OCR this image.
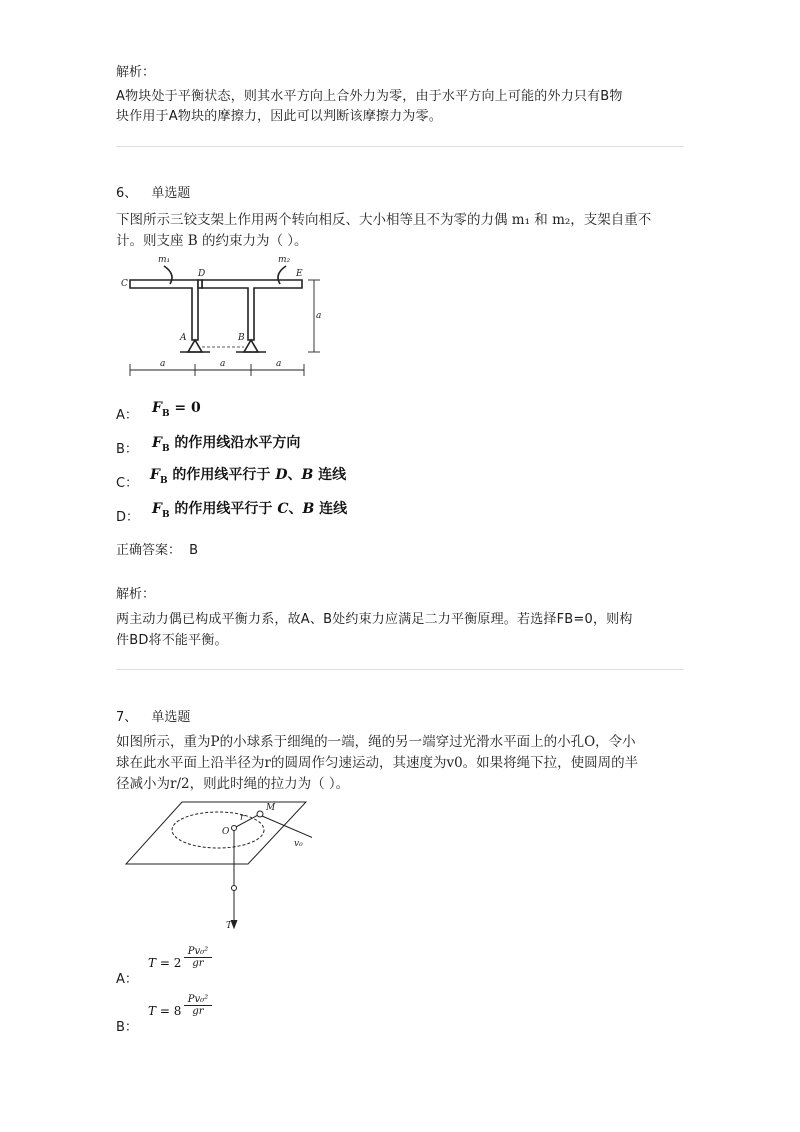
解析：
A物块处于平衡状态，则其水平方向上合外力为零，由于水平方向上可能的外力只有B物
块作用于A物块的摩擦力，因此可以判断该摩擦力为零。
6、 单选题
下图所示三铰支架上作用两个转向相反、大小相等且不为零的力偶 m₁ 和 m₂，支架自重不
计。则支座 B 的约束力为（ ）。
m₁	m₂
C
D	E
A	B
a
a	a	a
A：	$F_B = 0$
B：	$F_B$ 的作用线沿水平方向
C：
$F_B$ 的作用线平行于 D、B 连线
D：
$F_B$ 的作用线平行于 C、B 连线
正确答案： B
解析：
两主动力偶已构成平衡力系，故A、B处约束力应满足二力平衡原理。若选择FB=0，则构
件BD将不能平衡。
7、 单选题
如图所示，重为P的小球系于细绳的一端，绳的另一端穿过光滑水平面上的小孔O，令小
球在此水平面上沿半径为r的圆周作匀速运动，其速度为v0。如果将绳下拉，使圆周的半
径减小为r/2，则此时绳的拉力为（ ）。
M
O
r
v₀
T
A：
$T = 2 \frac{\text{Pv₀²}}{gr}$
B：
$T = 8 \frac{\text{Pv₀²}}{gr}$
